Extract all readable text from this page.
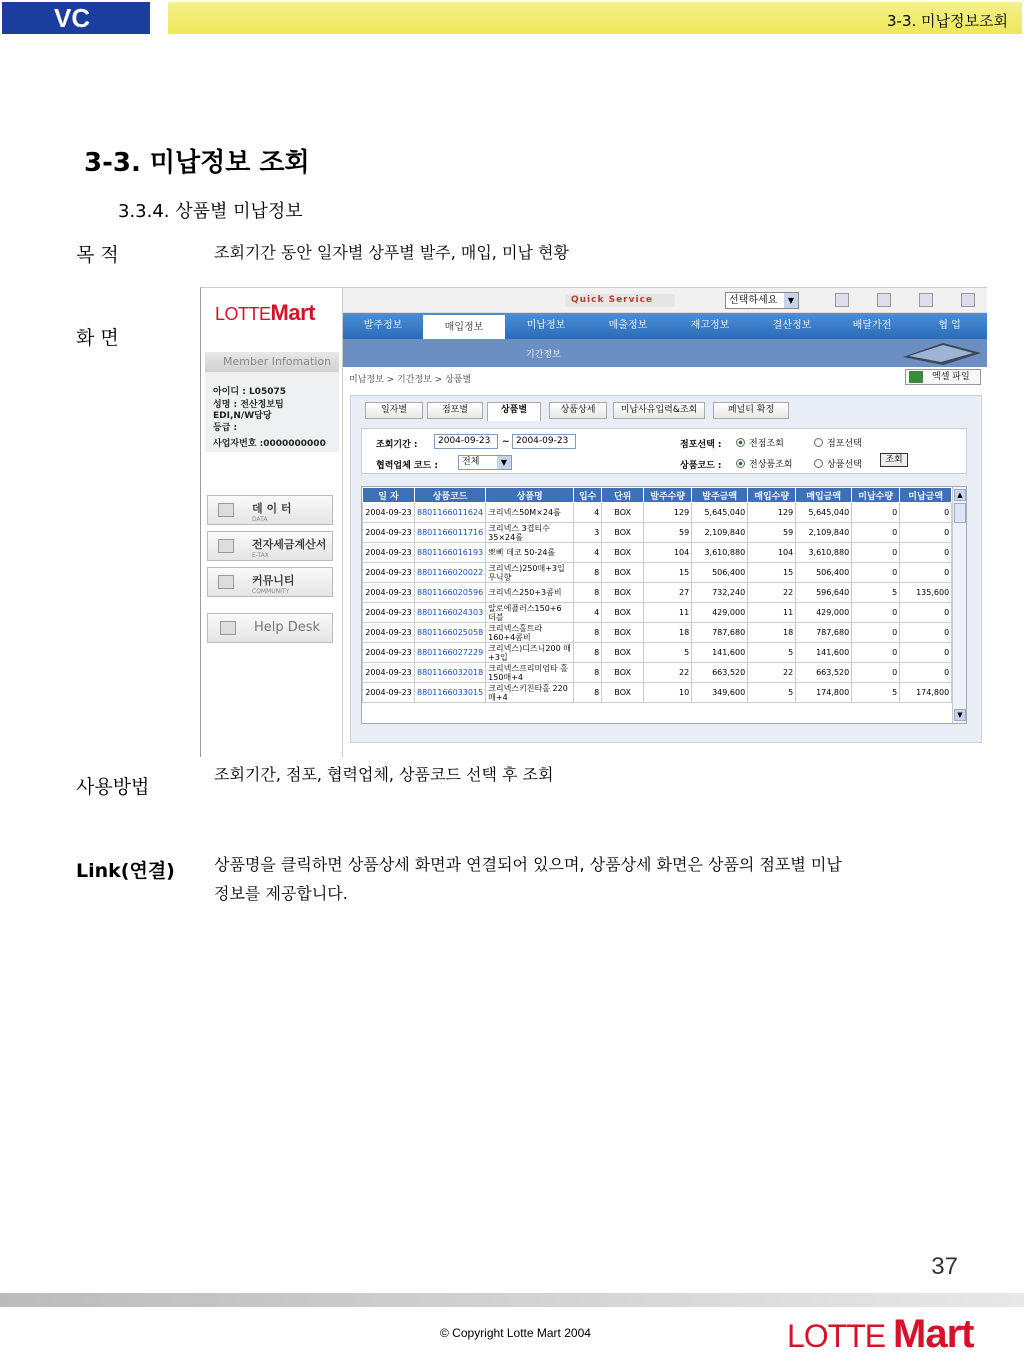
VC	3-3. 미납정보조회
3-3. 미납정보 조회
3.3.4. 상품별 미납정보
목 적	조회기간 동안 일자별 상푸별 발주, 매입, 미납 현황
화 면
LOTTEMart
Member Infomation
아이디 : L05075
성명 : 전산정보팀
EDI,N/W담당
등급 :
사업자번호 :0000000000
데 이 터
DATA
전자세금계산서
E-TAX
커뮤니티
COMMUNITY
Help Desk
Quick Service	선택하세요	▼
발주정보	매입정보	미납정보	매출정보	재고정보	결산정보	배달가전	협 업
기간정보
미납정보 > 기간정보 > 상품별	엑셀 파일
일자별	점포별	상품별	상품상세	미납사유입력&조회	페널티 확정
조회기간 :	2004-09-23	~ 2004-09-23
협력업체 코드 :	전체	▼
점포선택 :	전점조회	점포선택
상품코드 :	전상품조회	상품선택	조회
일 자	상품코드	상품명	입수	단위	발주수량	발주금액	매입수량	매입금액	미납수량	미납금액
2004-09-23	8801166011624	크리넥스50M×24롤	4	BOX	129	5,645,040	129	5,645,040	0	0
2004-09-23	8801166011716	크리넥스 3겹티수 35×24롤	3	BOX	59	2,109,840	59	2,109,840	0	0
2004-09-23	8801166016193	뽀삐 데코 50-24롤	4	BOX	104	3,610,880	104	3,610,880	0	0
2004-09-23	8801166020022	크리넥스)250매+3입 무닉향	8	BOX	15	506,400	15	506,400	0	0
2004-09-23	8801166020596	크리넥스250+3콤비	8	BOX	27	732,240	22	596,640	5	135,600
2004-09-23	8801166024303	알로에플러스150+6 더블	4	BOX	11	429,000	11	429,000	0	0
2004-09-23	8801166025058	크리넥스홀트라 160+4콤비	8	BOX	18	787,680	18	787,680	0	0
2004-09-23	8801166027229	크리넥스)디즈니200 매+3입	8	BOX	5	141,600	5	141,600	0	0
2004-09-23	8801166032018	크리넥스프리미엄타 홀150매+4	8	BOX	22	663,520	22	663,520	0	0
2004-09-23	8801166033015	크리넥스키친타홀 220매+4	8	BOX	10	349,600	5	174,800	5	174,800
▲
▼
사용방법
조회기간, 점포, 협력업체, 상품코드 선택 후 조회
Link(연결) 상품명을 클릭하면 상품상세 화면과 연결되어 있으며, 상품상세 화면은 상품의 점포별 미납
정보를 제공합니다.
37
© Copyright Lotte Mart 2004	LOTTE Mart
